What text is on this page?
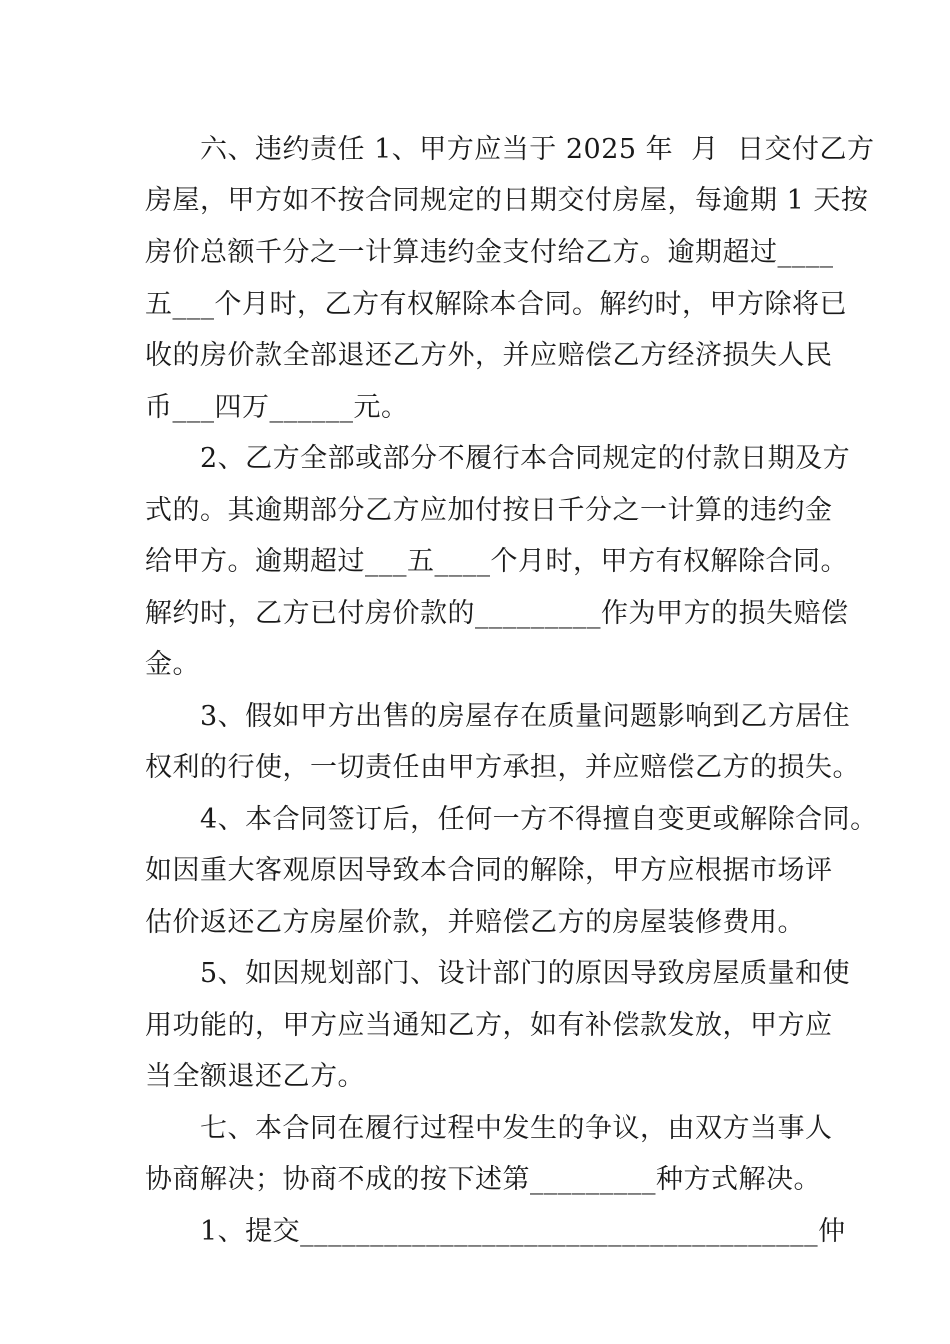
六、违约责任 1、甲方应当于 2025 年  月  日交付乙方
房屋，甲方如不按合同规定的日期交付房屋，每逾期 1 天按
房价总额千分之一计算违约金支付给乙方。逾期超过____
五___个月时，乙方有权解除本合同。解约时，甲方除将已
收的房价款全部退还乙方外，并应赔偿乙方经济损失人民
币___四万______元。
2、乙方全部或部分不履行本合同规定的付款日期及方
式的。其逾期部分乙方应加付按日千分之一计算的违约金
给甲方。逾期超过___五____个月时，甲方有权解除合同。
解约时，乙方已付房价款的_________作为甲方的损失赔偿
金。
3、假如甲方出售的房屋存在质量问题影响到乙方居住
权利的行使，一切责任由甲方承担，并应赔偿乙方的损失。
4、本合同签订后，任何一方不得擅自变更或解除合同。
如因重大客观原因导致本合同的解除，甲方应根据市场评
估价返还乙方房屋价款，并赔偿乙方的房屋装修费用。
5、如因规划部门、设计部门的原因导致房屋质量和使
用功能的，甲方应当通知乙方，如有补偿款发放，甲方应
当全额退还乙方。
七、本合同在履行过程中发生的争议，由双方当事人
协商解决；协商不成的按下述第_________种方式解决。
1、提交_____________________________________仲
